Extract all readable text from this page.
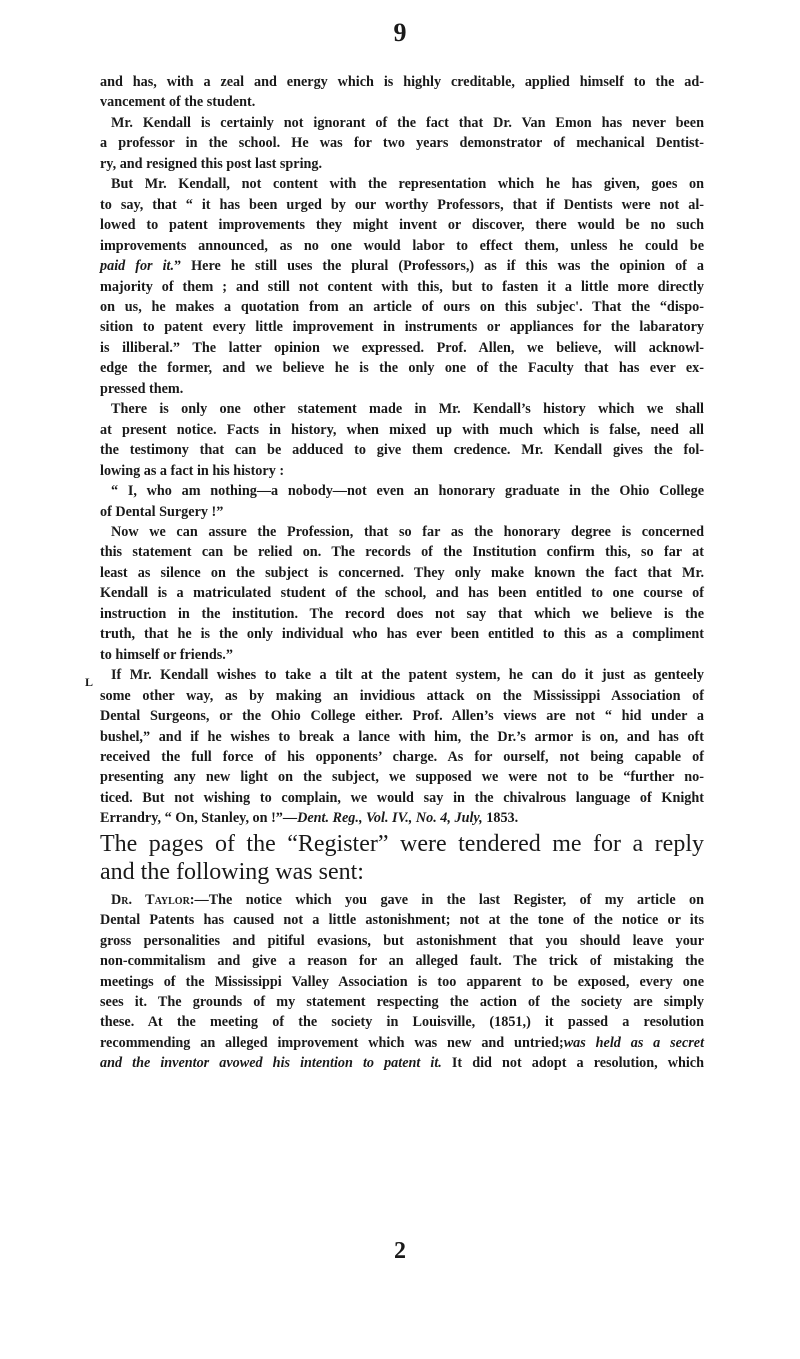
9
L
and has, with a zeal and energy which is highly creditable, applied himself to the ad-
vancement of the student.
Mr. Kendall is certainly not ignorant of the fact that Dr. Van Emon has never been
a professor in the school. He was for two years demonstrator of mechanical Dentist-
ry, and resigned this post last spring.
But Mr. Kendall, not content with the representation which he has given, goes on
to say, that “ it has been urged by our worthy Professors, that if Dentists were not al-
lowed to patent improvements they might invent or discover, there would be no such
improvements announced, as no one would labor to effect them, unless he could be
paid for it.” Here he still uses the plural (Professors,) as if this was the opinion of a
majority of them ; and still not content with this, but to fasten it a little more directly
on us, he makes a quotation from an article of ours on this subjec'. That the “dispo-
sition to patent every little improvement in instruments or appliances for the labaratory
is illiberal.” The latter opinion we expressed. Prof. Allen, we believe, will acknowl-
edge the former, and we believe he is the only one of the Faculty that has ever ex-
pressed them.
There is only one other statement made in Mr. Kendall’s history which we shall
at present notice. Facts in history, when mixed up with much which is false, need all
the testimony that can be adduced to give them credence. Mr. Kendall gives the fol-
lowing as a fact in his history :
“ I, who am nothing—a nobody—not even an honorary graduate in the Ohio College
of Dental Surgery !”
Now we can assure the Profession, that so far as the honorary degree is concerned
this statement can be relied on. The records of the Institution confirm this, so far at
least as silence on the subject is concerned. They only make known the fact that Mr.
Kendall is a matriculated student of the school, and has been entitled to one course of
instruction in the institution. The record does not say that which we believe is the
truth, that he is the only individual who has ever been entitled to this as a compliment
to himself or friends.”
If Mr. Kendall wishes to take a tilt at the patent system, he can do it just as genteely
some other way, as by making an invidious attack on the Mississippi Association of
Dental Surgeons, or the Ohio College either. Prof. Allen’s views are not “ hid under a
bushel,” and if he wishes to break a lance with him, the Dr.’s armor is on, and has oft
received the full force of his opponents’ charge. As for ourself, not being capable of
presenting any new light on the subject, we supposed we were not to be “further no-
ticed. But not wishing to complain, we would say in the chivalrous language of Knight
Errandry, “ On, Stanley, on !”—Dent. Reg., Vol. IV., No. 4, July, 1853.
The pages of the “Register” were tendered me for a reply
and the following was sent:
Dr. Taylor:—The notice which you gave in the last Register, of my article on
Dental Patents has caused not a little astonishment; not at the tone of the notice or its
gross personalities and pitiful evasions, but astonishment that you should leave your
non-commitalism and give a reason for an alleged fault. The trick of mistaking the
meetings of the Mississippi Valley Association is too apparent to be exposed, every one
sees it. The grounds of my statement respecting the action of the society are simply
these. At the meeting of the society in Louisville, (1851,) it passed a resolution
recommending an alleged improvement which was new and untried;was held as a secret
and the inventor avowed his intention to patent it. It did not adopt a resolution, which
2
